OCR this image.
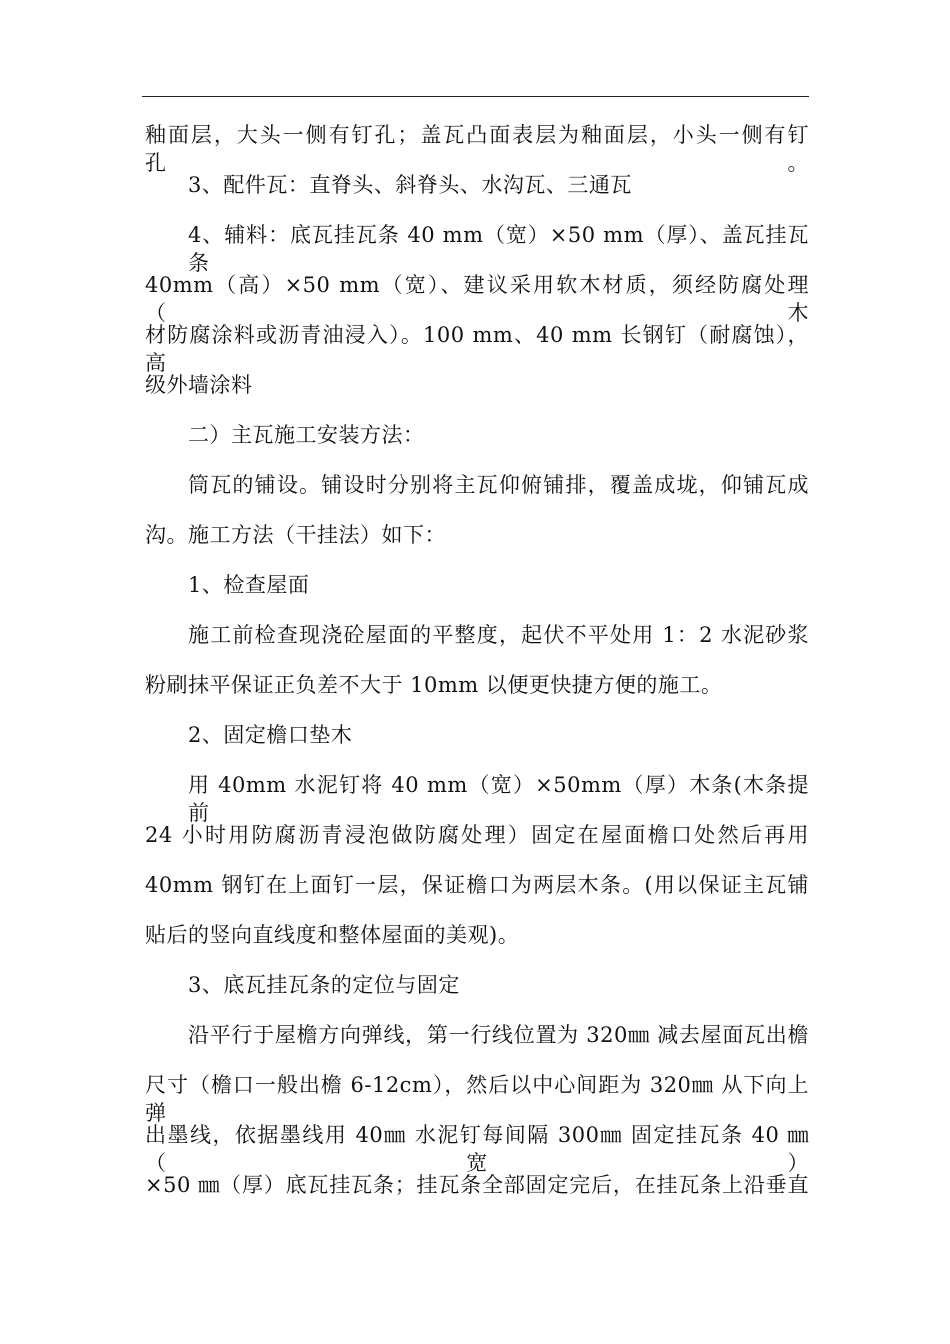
釉面层，大头一侧有钉孔；盖瓦凸面表层为釉面层，小头一侧有钉孔。
3、配件瓦：直脊头、斜脊头、水沟瓦、三通瓦
4、辅料：底瓦挂瓦条 40 mm（宽）×50 mm（厚）、盖瓦挂瓦条
40mm（高）×50 mm（宽）、建议采用软木材质，须经防腐处理（木
材防腐涂料或沥青油浸入）。100 mm、40 mm 长钢钉（耐腐蚀），高
级外墙涂料
二）主瓦施工安装方法：
筒瓦的铺设。铺设时分别将主瓦仰俯铺排，覆盖成垅，仰铺瓦成
沟。施工方法（干挂法）如下：
1、检查屋面
施工前检查现浇砼屋面的平整度，起伏不平处用 1：2 水泥砂浆
粉刷抹平保证正负差不大于 10mm 以便更快捷方便的施工。
2、固定檐口垫木
用 40mm 水泥钉将 40 mm（宽）×50mm（厚）木条(木条提前
24 小时用防腐沥青浸泡做防腐处理）固定在屋面檐口处然后再用
40mm 钢钉在上面钉一层，保证檐口为两层木条。(用以保证主瓦铺
贴后的竖向直线度和整体屋面的美观)。
3、底瓦挂瓦条的定位与固定
沿平行于屋檐方向弹线，第一行线位置为 320㎜ 减去屋面瓦出檐
尺寸（檐口一般出檐 6-12cm），然后以中心间距为 320㎜ 从下向上弹
出墨线，依据墨线用 40㎜ 水泥钉每间隔 300㎜ 固定挂瓦条 40 ㎜（宽）
×50 ㎜（厚）底瓦挂瓦条；挂瓦条全部固定完后，在挂瓦条上沿垂直
